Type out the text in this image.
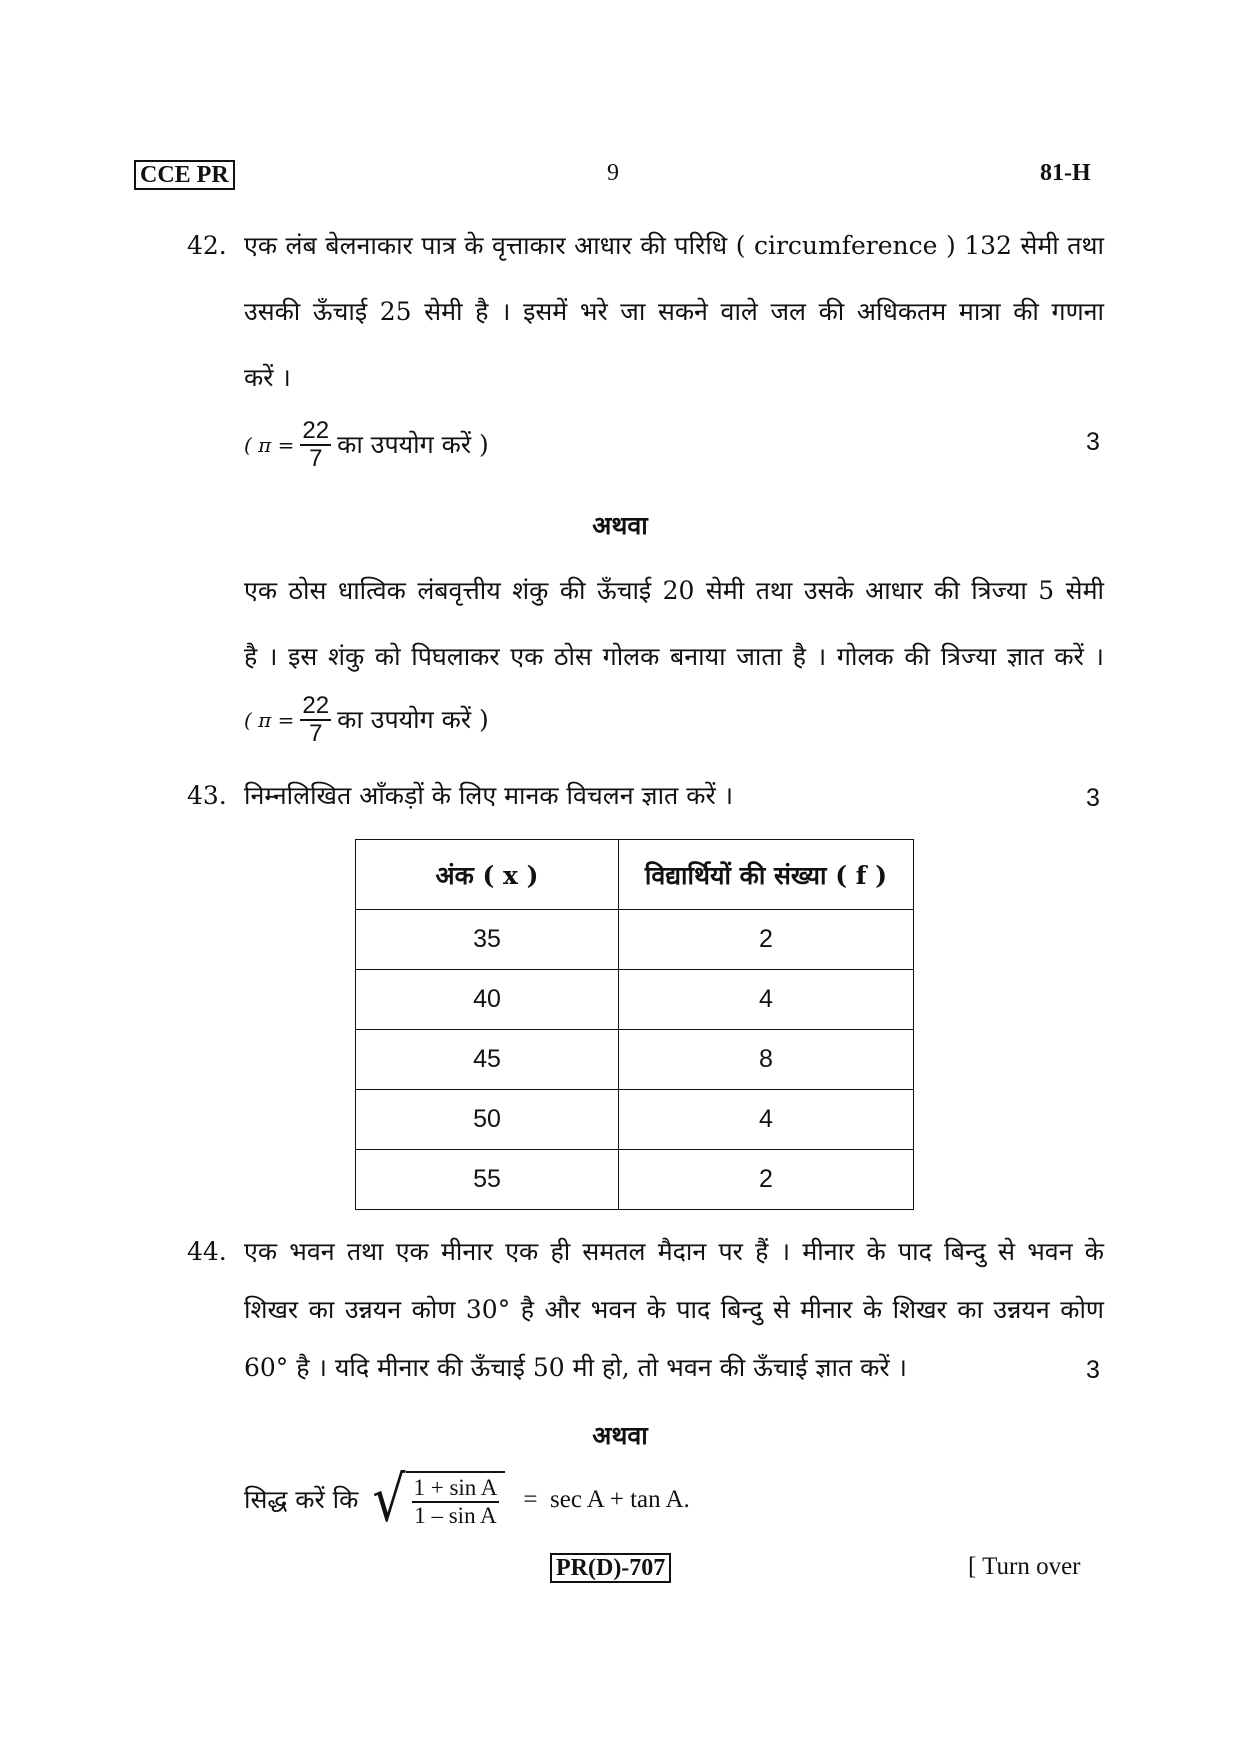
CCE PR	9	81-H
42. एक लंब बेलनाकार पात्र के वृत्ताकार आधार की परिधि ( circumference ) 132 सेमी तथा
उसकी ऊँचाई 25 सेमी है । इसमें भरे जा सकने वाले जल की अधिकतम मात्रा की गणना
करें ।
( $\pi = \frac{22}{7}$ का उपयोग करें )	3
अथवा
एक ठोस धात्विक लंबवृत्तीय शंकु की ऊँचाई 20 सेमी तथा उसके आधार की त्रिज्या 5 सेमी
है । इस शंकु को पिघलाकर एक ठोस गोलक बनाया जाता है । गोलक की त्रिज्या ज्ञात करें ।
( $\pi = \frac{22}{7}$ का उपयोग करें )
43. निम्नलिखित आँकड़ों के लिए मानक विचलन ज्ञात करें ।	3
अंक ( x )	विद्यार्थियों की संख्या ( f )
35	2
40	4
45	8
50	4
55	2
44. एक भवन तथा एक मीनार एक ही समतल मैदान पर हैं । मीनार के पाद बिन्दु से भवन के
शिखर का उन्नयन कोण 30° है और भवन के पाद बिन्दु से मीनार के शिखर का उन्नयन कोण
60° है । यदि मीनार की ऊँचाई 50 मी हो, तो भवन की ऊँचाई ज्ञात करें ।	3
अथवा
सिद्ध करें कि √ $\frac{\text{1 + sin A}}{\text{1 – sin A}} = \sec A + \tan A$.
PR(D)-707	[ Turn over
